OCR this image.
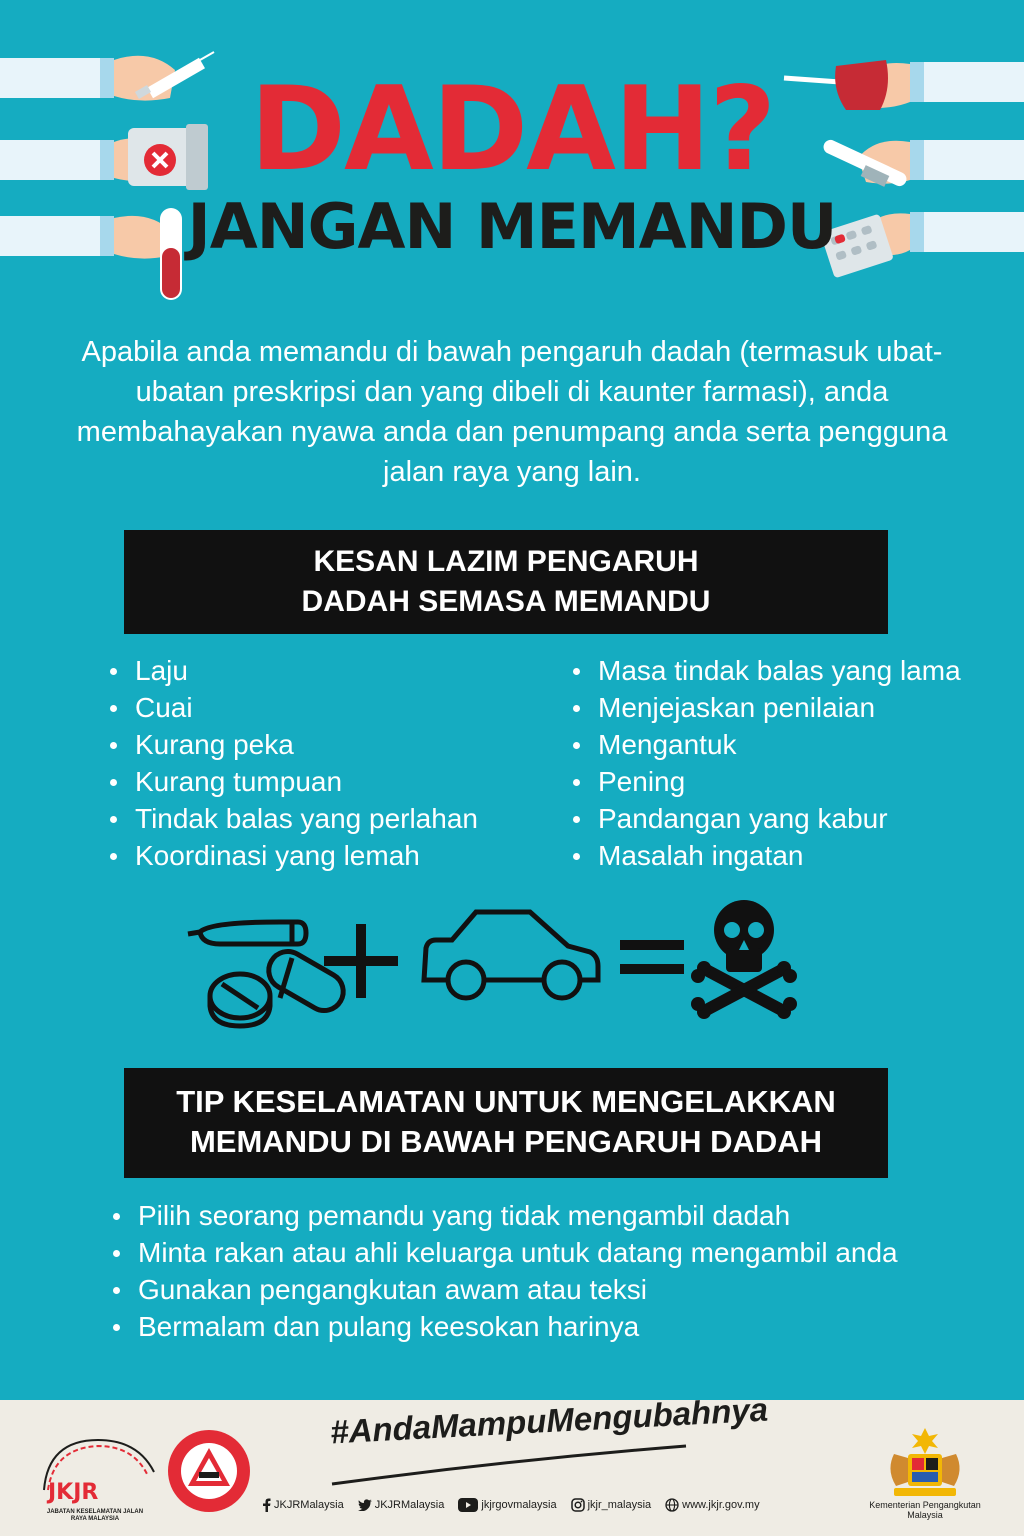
DADAH?
JANGAN MEMANDU
Apabila anda memandu di bawah pengaruh dadah (termasuk ubat-ubatan preskripsi dan yang dibeli di kaunter farmasi), anda membahayakan nyawa anda dan penumpang anda serta pengguna jalan raya yang lain.
KESAN LAZIM PENGARUH
DADAH SEMASA MEMANDU
Laju
Cuai
Kurang peka
Kurang tumpuan
Tindak balas yang perlahan
Koordinasi yang lemah
Masa tindak balas yang lama
Menjejaskan penilaian
Mengantuk
Pening
Pandangan yang kabur
Masalah ingatan
TIP KESELAMATAN UNTUK MENGELAKKAN
MEMANDU DI BAWAH PENGARUH DADAH
Pilih seorang pemandu yang tidak mengambil dadah
Minta rakan atau ahli keluarga untuk datang mengambil anda
Gunakan pengangkutan awam atau teksi
Bermalam dan pulang keesokan harinya
JKJR
JABATAN KESELAMATAN JALAN RAYA MALAYSIA
#AndaMampuMengubahnya
JKJRMalaysia	JKJRMalaysia	jkjrgovmalaysia	jkjr_malaysia	www.jkjr.gov.my	Kementerian Pengangkutan Malaysia
